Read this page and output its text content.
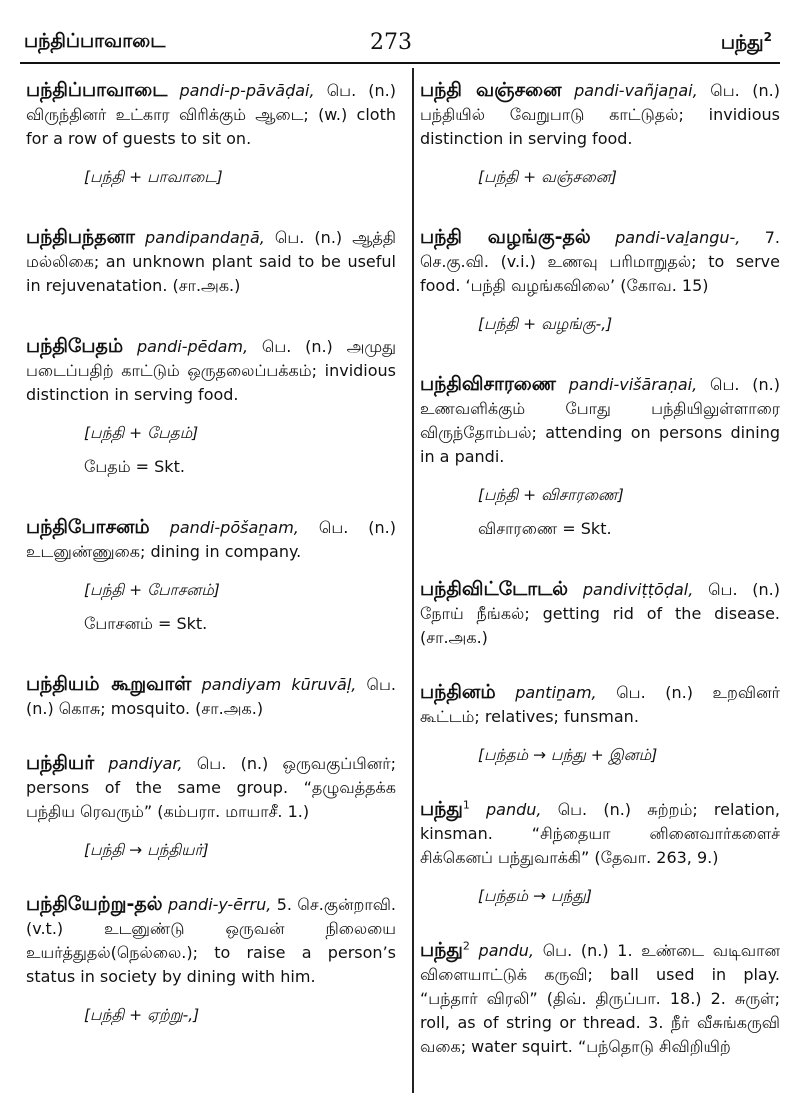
பந்திப்பாவாடை	273	பந்து$^2$

பந்திப்பாவாடை pandi-p-pāvāḍai, பெ. (n.) விருந்தினர் உட்கார விரிக்கும் ஆடை; (w.) cloth for a row of guests to sit on.

[பந்தி + பாவாடை]

பந்திபந்தனா pandipandaṉā, பெ. (n.) ஆத்தி மல்லிகை; an unknown plant said to be useful in rejuvenatation. (சா.அக.)

பந்திபேதம் pandi-pēdam, பெ. (n.) அமுது படைப்பதிற் காட்டும் ஒருதலைப்பக்கம்; invidious distinction in serving food.

[பந்தி + பேதம்]

பேதம் = Skt.

பந்திபோசனம் pandi-pōšaṉam, பெ. (n.) உடனுண்ணுகை; dining in company.

[பந்தி + போசனம்]

போசனம் = Skt.

பந்தியம் கூறுவாள் pandiyam kūruvāḷ, பெ. (n.) கொசு; mosquito. (சா.அக.)

பந்தியர் pandiyar, பெ. (n.) ஒருவகுப்பினர்; persons of the same group. “தழுவத்தக்க பந்திய ரெவரும்” (கம்பரா. மாயாசீ. 1.)

[பந்தி → பந்தியர்]

பந்தியேற்று-தல் pandi-y-ērru, 5. செ.குன்றாவி. (v.t.) உடனுண்டு ஒருவன் நிலையை உயர்த்துதல்(நெல்லை.); to raise a person’s status in society by dining with him.

[பந்தி + ஏற்று-,]

பந்தி வஞ்சனை pandi-vañjaṉai, பெ. (n.) பந்தியில் வேறுபாடு காட்டுதல்; invidious distinction in serving food.

[பந்தி + வஞ்சனை]

பந்தி வழங்கு-தல் pandi-vaḻangu-, 7. செ.கு.வி. (v.i.) உணவு பரிமாறுதல்; to serve food. ‘பந்தி வழங்கவிலை’ (கோவ. 15)

[பந்தி + வழங்கு-,]

பந்திவிசாரணை pandi-višāraṇai, பெ. (n.) உணவளிக்கும் போது பந்தியிலுள்ளாரை விருந்தோம்பல்; attending on persons dining in a pandi.

[பந்தி + விசாரணை]

விசாரணை = Skt.

பந்திவிட்டோடல் pandiviṭṭōḍal, பெ. (n.) நோய் நீங்கல்; getting rid of the disease. (சா.அக.)

பந்தினம் pantiṉam, பெ. (n.) உறவினர் கூட்டம்; relatives; funsman.

[பந்தம் → பந்து + இனம்]

பந்து$^1$ pandu, பெ. (n.) சுற்றம்; relation, kinsman. “சிந்தையா னினைவார்களைச் சிக்கெனப் பந்துவாக்கி” (தேவா. 263, 9.)

[பந்தம் → பந்து]

பந்து$^2$ pandu, பெ. (n.) 1. உண்டை வடிவான விளையாட்டுக் கருவி; ball used in play. “பந்தார் விரலி” (திவ். திருப்பா. 18.) 2. சுருள்; roll, as of string or thread. 3. நீர் வீசுங்கருவி வகை; water squirt. “பந்தொடு சிவிறியிற்
